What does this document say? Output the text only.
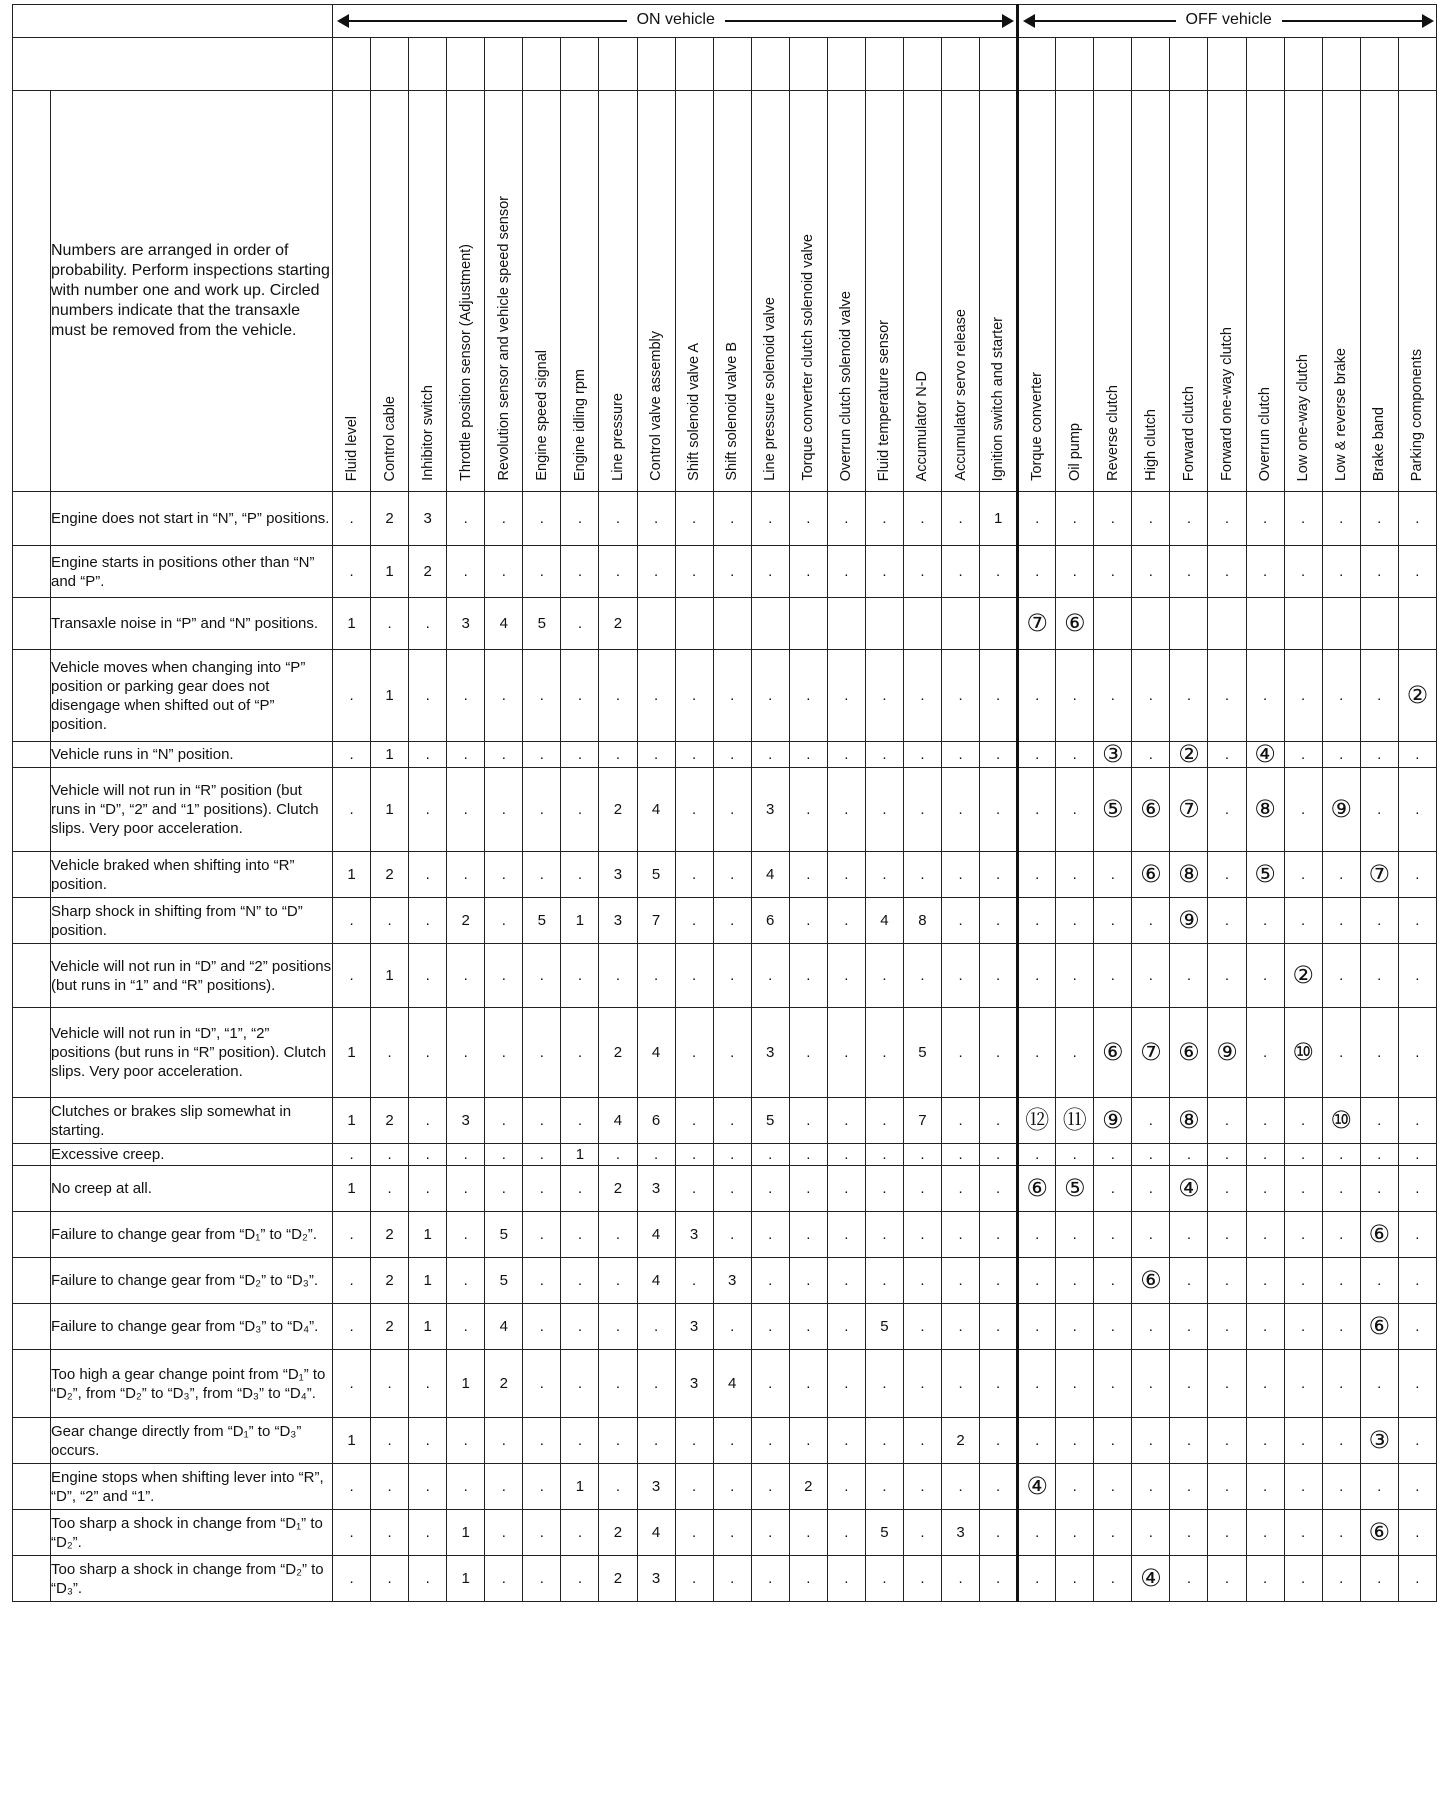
		ON vehicle																		OFF vehicle										

	Numbers are arranged in order of probability. Perform inspections starting with number one and work up. Circled numbers indicate that the transaxle must be removed from the vehicle.	Fluid level	Control cable	Inhibitor switch	Throttle position sensor (Adjustment)	Revolution sensor and vehicle speed sensor	Engine speed signal	Engine idling rpm	Line pressure	Control valve assembly	Shift solenoid valve A	Shift solenoid valve B	Line pressure solenoid valve	Torque converter clutch solenoid valve	Overrun clutch solenoid valve	Fluid temperature sensor	Accumulator N-D	Accumulator servo release	Ignition switch and starter	Torque converter	Oil pump	Reverse clutch	High clutch	Forward clutch	Forward one-way clutch	Overrun clutch	Low one-way clutch	Low & reverse brake	Brake band	Parking components

	Engine does not start in “N”, “P” positions.	.	2	3	.	.	.	.	.	.	.	.	.	.	.	.	.	.	1	.	.	.	.	.	.	.	.	.	.	.
	Engine starts in positions other than “N” and “P”.	.	1	2	.	.	.	.	.	.	.	.	.	.	.	.	.	.	.	.	.	.	.	.	.	.	.	.	.	.
	Transaxle noise in “P” and “N” positions.	1	.	.	3	4	5	.	2											⑦	⑥									
	Vehicle moves when changing into “P” position or parking gear does not disengage when shifted out of “P” position.	.	1	.	.	.	.	.	.	.	.	.	.	.	.	.	.	.	.	.	.	.	.	.	.	.	.	.	.	②
	Vehicle runs in “N” position.	.	1	.	.	.	.	.	.	.	.	.	.	.	.	.	.	.	.	.	.	③	.	②	.	④	.	.	.	.
	Vehicle will not run in “R” position (but runs in “D”, “2” and “1” positions). Clutch slips. Very poor acceleration.	.	1	.	.	.	.	.	2	4	.	.	3	.	.	.	.	.	.	.	.	⑤	⑥	⑦	.	⑧	.	⑨	.	.
	Vehicle braked when shifting into “R” position.	1	2	.	.	.	.	.	3	5	.	.	4	.	.	.	.	.	.	.	.	.	⑥	⑧	.	⑤	.	.	⑦	.
	Sharp shock in shifting from “N” to “D” position.	.	.	.	2	.	5	1	3	7	.	.	6	.	.	4	8	.	.	.	.	.	.	⑨	.	.	.	.	.	.
	Vehicle will not run in “D” and “2” positions (but runs in “1” and “R” positions).	.	1	.	.	.	.	.	.	.	.	.	.	.	.	.	.	.	.	.	.	.	.	.	.	.	②	.	.	.
	Vehicle will not run in “D”, “1”, “2” positions (but runs in “R” position). Clutch slips. Very poor acceleration.	1	.	.	.	.	.	.	2	4	.	.	3	.	.	.	5	.	.	.	.	⑥	⑦	⑥	⑨	.	⑩	.	.	.
	Clutches or brakes slip somewhat in starting.	1	2	.	3	.	.	.	4	6	.	.	5	.	.	.	7	.	.	⑫	⑪	⑨	.	⑧	.	.	.	⑩	.	.
	Excessive creep.	.	.	.	.	.	.	1	.	.	.	.	.	.	.	.	.	.	.	.	.	.	.	.	.	.	.	.	.	.
	No creep at all.	1	.	.	.	.	.	.	2	3	.	.	.	.	.	.	.	.	.	⑥	⑤	.	.	④	.	.	.	.	.	.
	Failure to change gear from “D₁” to “D₂”.	.	2	1	.	5	.	.	.	4	3	.	.	.	.	.	.	.	.	.	.	.	.	.	.	.	.	.	⑥	.
	Failure to change gear from “D₂” to “D₃”.	.	2	1	.	5	.	.	.	4	.	3	.	.	.	.	.	.	.	.	.	.	⑥	.	.	.	.	.	.	.
	Failure to change gear from “D₃” to “D₄”.	.	2	1	.	4	.	.	.	.	3	.	.	.	.	5	.	.	.	.	.	.	.	.	.	.	.	.	⑥	.
	Too high a gear change point from “D₁” to “D₂”, from “D₂” to “D₃”, from “D₃” to “D₄”.	.	.	.	1	2	.	.	.	.	3	4	.	.	.	.	.	.	.	.	.	.	.	.	.	.	.	.	.	.
	Gear change directly from “D₁” to “D₃” occurs.	1	.	.	.	.	.	.	.	.	.	.	.	.	.	.	.	2	.	.	.	.	.	.	.	.	.	.	③	.
	Engine stops when shifting lever into “R”, “D”, “2” and “1”.	.	.	.	.	.	.	1	.	3	.	.	.	2	.	.	.	.	.	④	.	.	.	.	.	.	.	.	.	.
	Too sharp a shock in change from “D₁” to “D₂”.	.	.	.	1	.	.	.	2	4	.	.	.	.	.	5	.	3	.	.	.	.	.	.	.	.	.	.	⑥	.
	Too sharp a shock in change from “D₂” to “D₃”.	.	.	.	1	.	.	.	2	3	.	.	.	.	.	.	.	.	.	.	.	.	④	.	.	.	.	.	.	.
